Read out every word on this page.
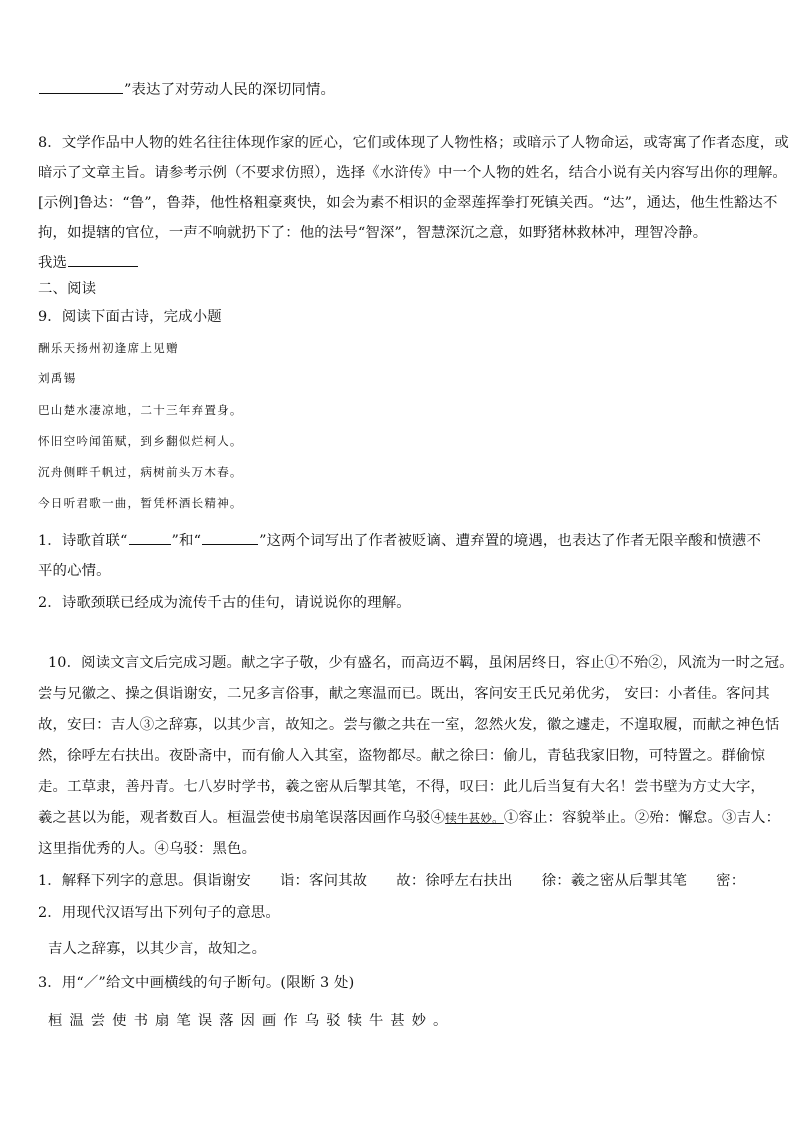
”表达了对劳动人民的深切同情。

8．文学作品中人物的姓名往往体现作家的匠心，它们或体现了人物性格；或暗示了人物命运，或寄寓了作者态度，或

暗示了文章主旨。请参考示例（不要求仿照），选择《水浒传》中一个人物的姓名，结合小说有关内容写出你的理解。

[示例]鲁达：“鲁”，鲁莽，他性格粗豪爽快，如会为素不相识的金翠莲挥拳打死镇关西。“达”，通达，他生性豁达不

拘，如提辖的官位，一声不响就扔下了：他的法号“智深”，智慧深沉之意，如野猪林救林冲，理智冷静。

我选

二、阅读

9．阅读下面古诗，完成小题

酬乐天扬州初逢席上见赠

刘禹锡

巴山楚水凄凉地，二十三年弃置身。

怀旧空吟闻笛赋，到乡翻似烂柯人。

沉舟侧畔千帆过，病树前头万木春。

今日听君歌一曲，暂凭杯酒长精神。

1．诗歌首联“	”和“	”这两个词写出了作者被贬谪、遭弃置的境遇，也表达了作者无限辛酸和愤懑不

平的心情。

2．诗歌颈联已经成为流传千古的佳句，请说说你的理解。

10．阅读文言文后完成习题。献之字子敬，少有盛名，而高迈不羁，虽闲居终日，容止①不殆②，风流为一时之冠。

尝与兄徽之、操之俱诣谢安，二兄多言俗事，献之寒温而已。既出，客问安王氏兄弟优劣， 安曰：小者佳。客问其

故，安曰：吉人③之辞寡，以其少言，故知之。尝与徽之共在一室，忽然火发，徽之遽走，不遑取履，而献之神色恬

然，徐呼左右扶出。夜卧斋中，而有偷人入其室，盗物都尽。献之徐曰：偷儿，青毡我家旧物，可特置之。群偷惊

走。工草隶，善丹青。七八岁时学书，羲之密从后掣其笔，不得，叹曰：此儿后当复有大名！尝书壁为方丈大字，

羲之甚以为能，观者数百人。桓温尝使书扇笔误落因画作乌驳④犊牛甚妙。①容止：容貌举止。②殆：懈怠。③吉人：

这里指优秀的人。④乌驳：黑色。

1．解释下列字的意思。俱诣谢安　　诣：客问其故　　故：徐呼左右扶出　　徐：羲之密从后掣其笔　　密：

2．用现代汉语写出下列句子的意思。

吉人之辞寡，以其少言，故知之。

3．用“／”给文中画横线的句子断句。(限断 3 处)

桓温尝使书扇笔误落因画作乌驳犊牛甚妙。
